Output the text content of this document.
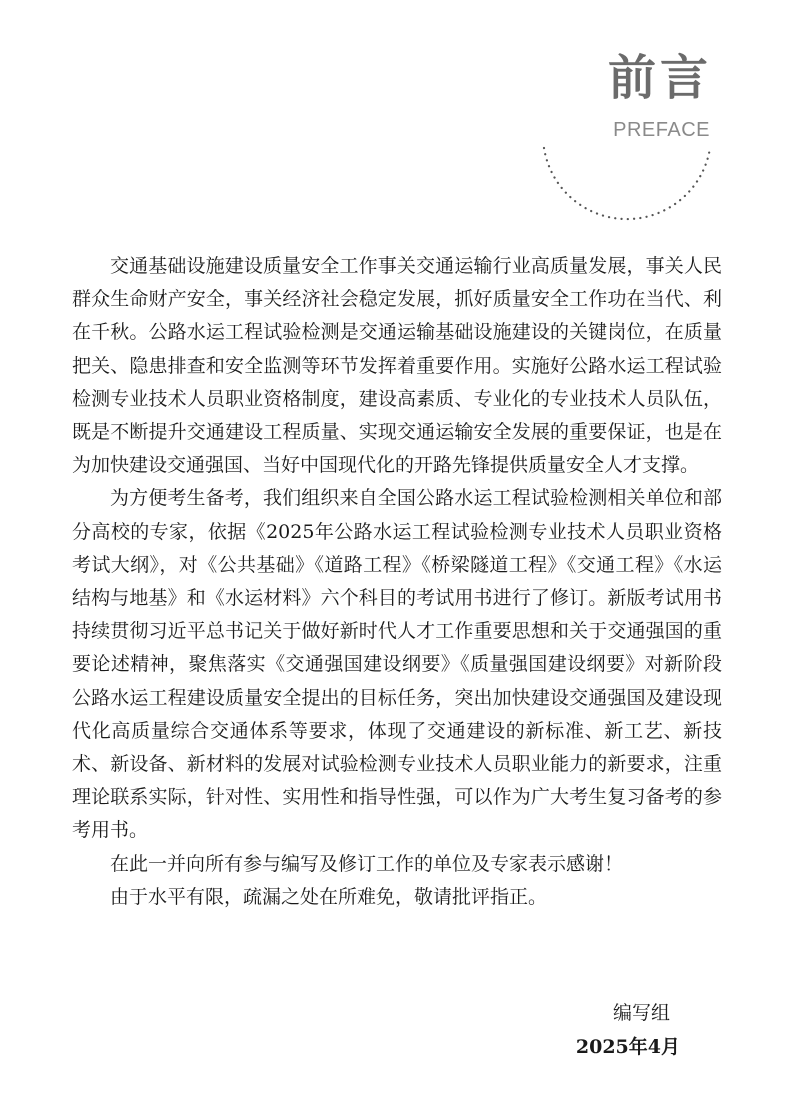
前言
PREFACE

交通基础设施建设质量安全工作事关交通运输行业高质量发展，事关人民群众生命财产安全，事关经济社会稳定发展，抓好质量安全工作功在当代、利在千秋。公路水运工程试验检测是交通运输基础设施建设的关键岗位，在质量把关、隐患排查和安全监测等环节发挥着重要作用。实施好公路水运工程试验检测专业技术人员职业资格制度，建设高素质、专业化的专业技术人员队伍，既是不断提升交通建设工程质量、实现交通运输安全发展的重要保证，也是在为加快建设交通强国、当好中国现代化的开路先锋提供质量安全人才支撑。

为方便考生备考，我们组织来自全国公路水运工程试验检测相关单位和部分高校的专家，依据《2025年公路水运工程试验检测专业技术人员职业资格考试大纲》，对《公共基础》《道路工程》《桥梁隧道工程》《交通工程》《水运结构与地基》和《水运材料》六个科目的考试用书进行了修订。新版考试用书持续贯彻习近平总书记关于做好新时代人才工作重要思想和关于交通强国的重要论述精神，聚焦落实《交通强国建设纲要》《质量强国建设纲要》对新阶段公路水运工程建设质量安全提出的目标任务，突出加快建设交通强国及建设现代化高质量综合交通体系等要求，体现了交通建设的新标准、新工艺、新技术、新设备、新材料的发展对试验检测专业技术人员职业能力的新要求，注重理论联系实际，针对性、实用性和指导性强，可以作为广大考生复习备考的参考用书。

在此一并向所有参与编写及修订工作的单位及专家表示感谢！

由于水平有限，疏漏之处在所难免，敬请批评指正。

编写组
2025年4月
